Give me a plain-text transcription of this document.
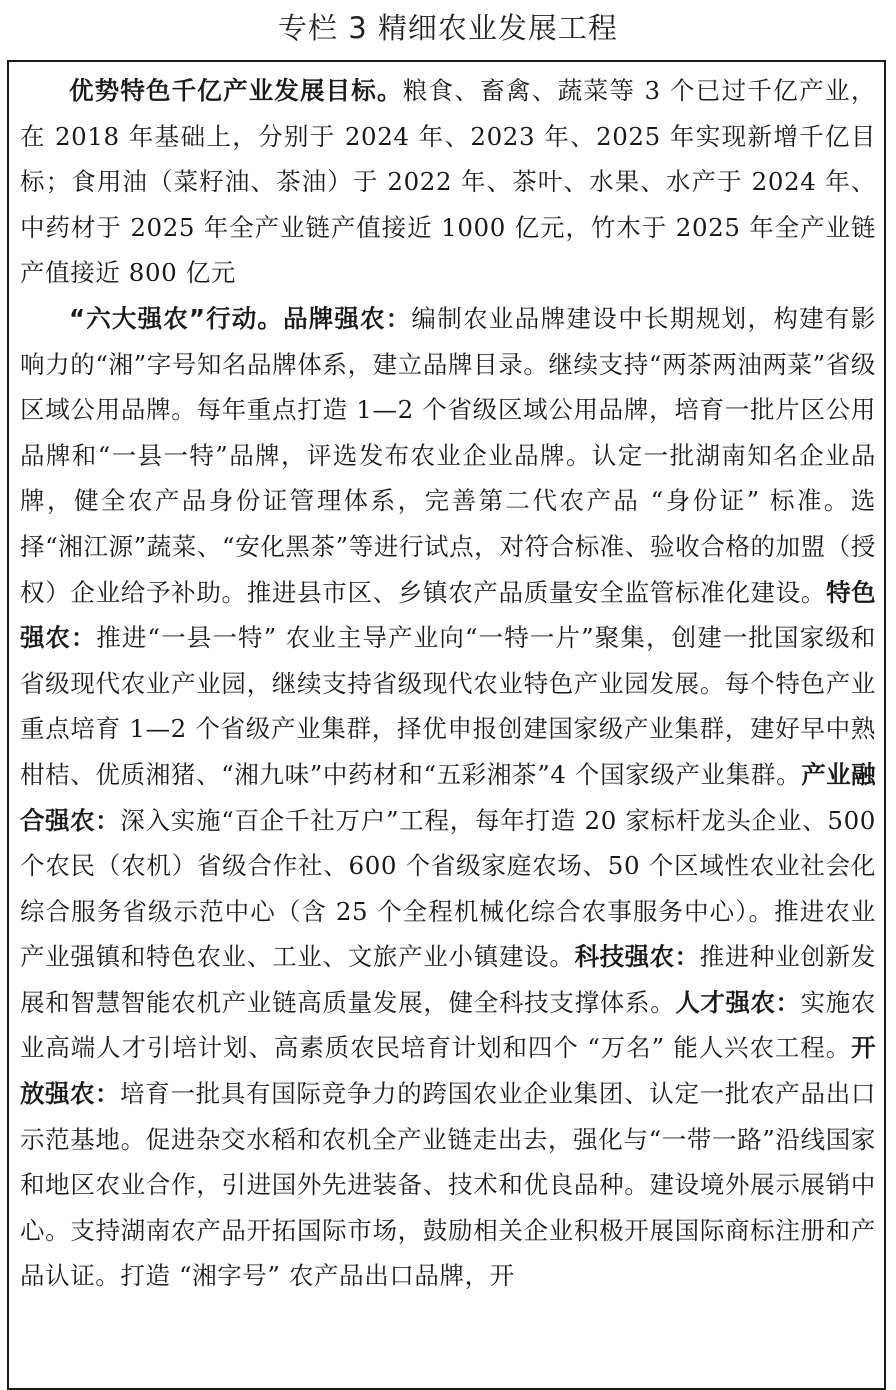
专栏 3 精细农业发展工程

优势特色千亿产业发展目标。粮食、畜禽、蔬菜等 3 个已过千亿产业，在 2018 年基础上，分别于 2024 年、2023 年、2025 年实现新增千亿目标；食用油（菜籽油、茶油）于 2022 年、茶叶、水果、水产于 2024 年、中药材于 2025 年全产业链产值接近 1000 亿元，竹木于 2025 年全产业链产值接近 800 亿元

“六大强农”行动。品牌强农：编制农业品牌建设中长期规划，构建有影响力的“湘”字号知名品牌体系，建立品牌目录。继续支持“两茶两油两菜”省级区域公用品牌。每年重点打造 1—2 个省级区域公用品牌，培育一批片区公用品牌和“一县一特”品牌，评选发布农业企业品牌。认定一批湖南知名企业品牌，健全农产品身份证管理体系，完善第二代农产品 “身份证” 标准。选择“湘江源”蔬菜、“安化黑茶”等进行试点，对符合标准、验收合格的加盟（授权）企业给予补助。推进县市区、乡镇农产品质量安全监管标准化建设。特色强农：推进“一县一特” 农业主导产业向“一特一片”聚集，创建一批国家级和省级现代农业产业园，继续支持省级现代农业特色产业园发展。每个特色产业重点培育 1—2 个省级产业集群，择优申报创建国家级产业集群，建好早中熟柑桔、优质湘猪、“湘九味”中药材和“五彩湘茶”4 个国家级产业集群。产业融合强农：深入实施“百企千社万户”工程，每年打造 20 家标杆龙头企业、500 个农民（农机）省级合作社、600 个省级家庭农场、50 个区域性农业社会化综合服务省级示范中心（含 25 个全程机械化综合农事服务中心）。推进农业产业强镇和特色农业、工业、文旅产业小镇建设。科技强农：推进种业创新发展和智慧智能农机产业链高质量发展，健全科技支撑体系。人才强农：实施农业高端人才引培计划、高素质农民培育计划和四个 “万名” 能人兴农工程。开放强农：培育一批具有国际竞争力的跨国农业企业集团、认定一批农产品出口示范基地。促进杂交水稻和农机全产业链走出去，强化与“一带一路”沿线国家和地区农业合作，引进国外先进装备、技术和优良品种。建设境外展示展销中心。支持湖南农产品开拓国际市场，鼓励相关企业积极开展国际商标注册和产品认证。打造 “湘字号” 农产品出口品牌，开
